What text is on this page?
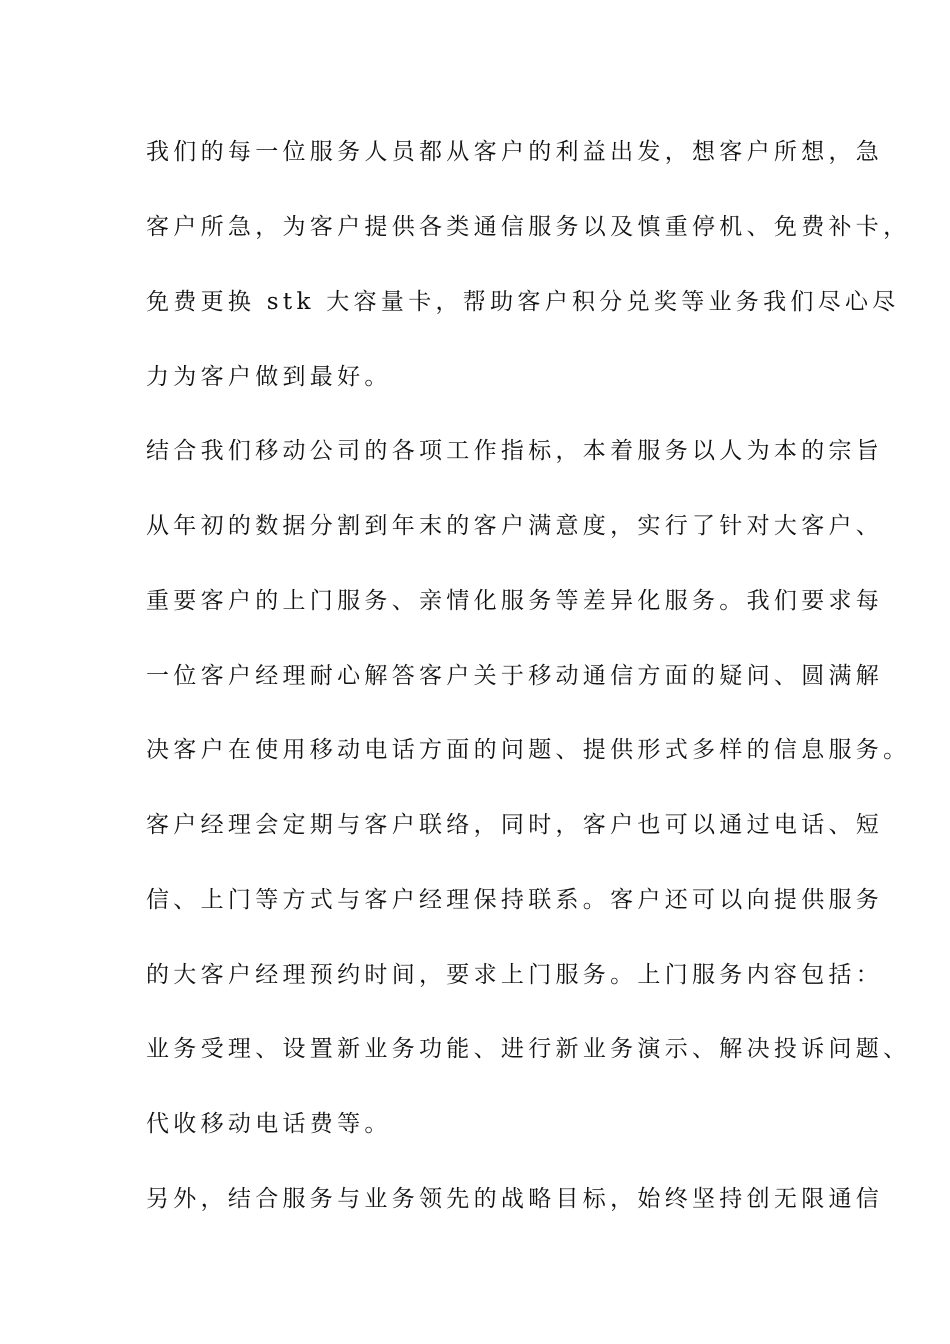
我们的每一位服务人员都从客户的利益出发，想客户所想，急
客户所急，为客户提供各类通信服务以及慎重停机、免费补卡，
免费更换 stk 大容量卡，帮助客户积分兑奖等业务我们尽心尽
力为客户做到最好。
结合我们移动公司的各项工作指标，本着服务以人为本的宗旨
从年初的数据分割到年末的客户满意度，实行了针对大客户、
重要客户的上门服务、亲情化服务等差异化服务。我们要求每
一位客户经理耐心解答客户关于移动通信方面的疑问、圆满解
决客户在使用移动电话方面的问题、提供形式多样的信息服务。
客户经理会定期与客户联络，同时，客户也可以通过电话、短
信、上门等方式与客户经理保持联系。客户还可以向提供服务
的大客户经理预约时间，要求上门服务。上门服务内容包括：
业务受理、设置新业务功能、进行新业务演示、解决投诉问题、
代收移动电话费等。
另外，结合服务与业务领先的战略目标，始终坚持创无限通信
